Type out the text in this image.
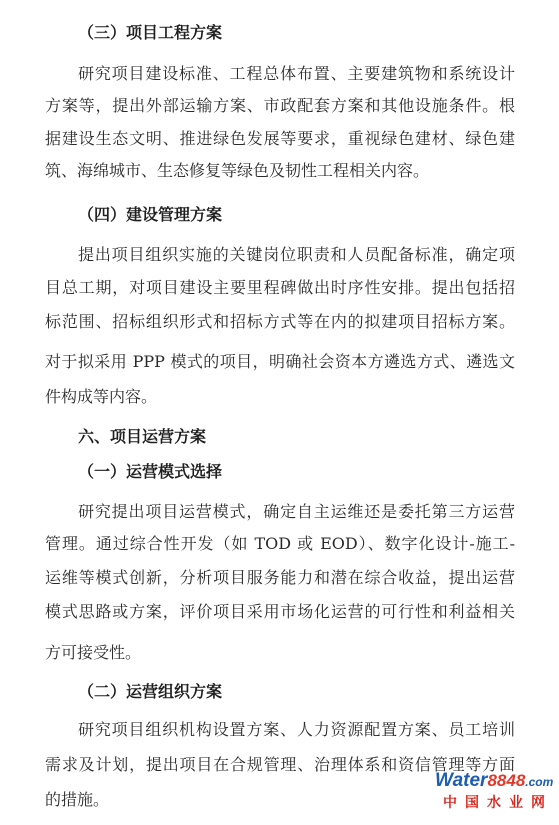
（三）项目工程方案
研究项目建设标准、工程总体布置、主要建筑物和系统设计
方案等，提出外部运输方案、市政配套方案和其他设施条件。根
据建设生态文明、推进绿色发展等要求，重视绿色建材、绿色建
筑、海绵城市、生态修复等绿色及韧性工程相关内容。
（四）建设管理方案
提出项目组织实施的关键岗位职责和人员配备标准，确定项
目总工期，对项目建设主要里程碑做出时序性安排。提出包括招
标范围、招标组织形式和招标方式等在内的拟建项目招标方案。
对于拟采用 PPP 模式的项目，明确社会资本方遴选方式、遴选文
件构成等内容。
六、项目运营方案
（一）运营模式选择
研究提出项目运营模式，确定自主运维还是委托第三方运营
管理。通过综合性开发（如 TOD 或 EOD）、数字化设计-施工-
运维等模式创新，分析项目服务能力和潜在综合收益，提出运营
模式思路或方案，评价项目采用市场化运营的可行性和利益相关
方可接受性。
（二）运营组织方案
研究项目组织机构设置方案、人力资源配置方案、员工培训
需求及计划，提出项目在合规管理、治理体系和资信管理等方面
的措施。
Water8848.com
中国水业网
